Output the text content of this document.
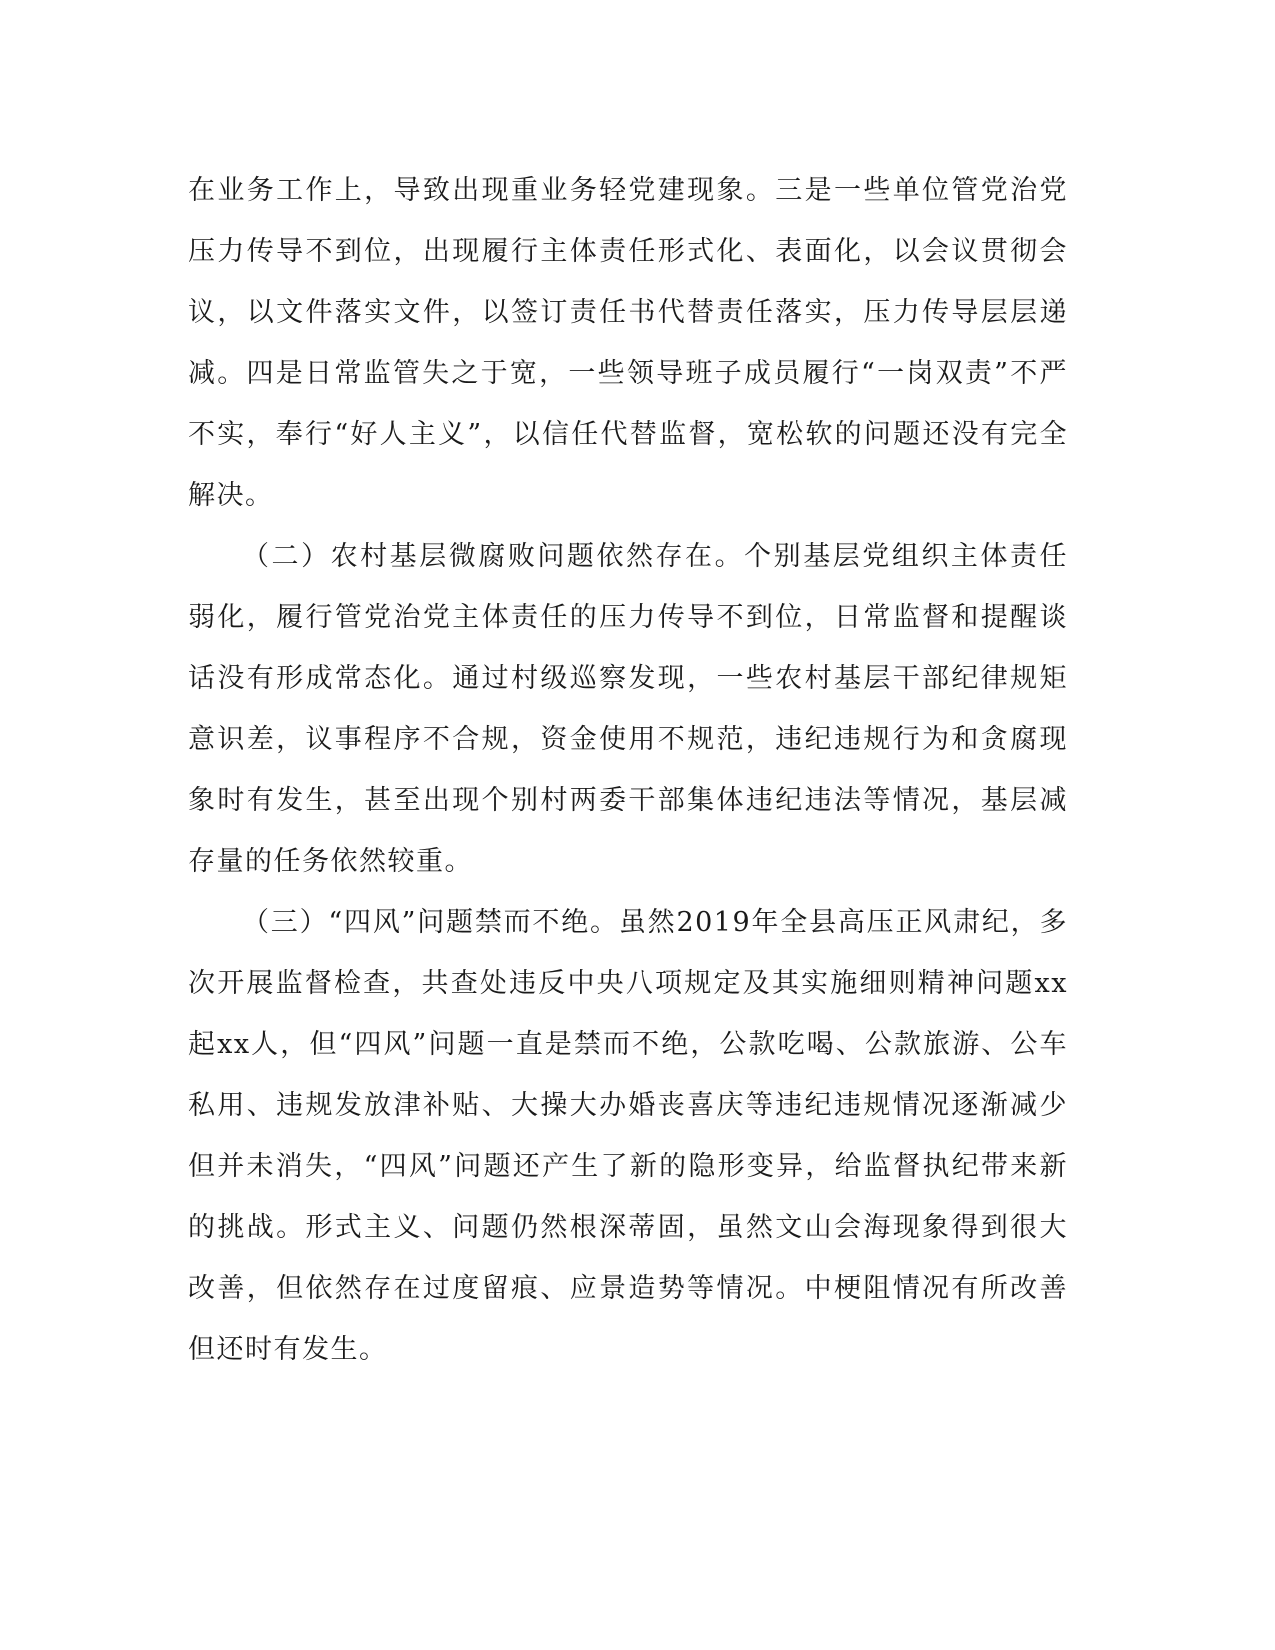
在业务工作上，导致出现重业务轻党建现象。三是一些单位管党治党压力传导不到位，出现履行主体责任形式化、表面化，以会议贯彻会议，以文件落实文件，以签订责任书代替责任落实，压力传导层层递减。四是日常监管失之于宽，一些领导班子成员履行“一岗双责”不严不实，奉行“好人主义”，以信任代替监督，宽松软的问题还没有完全解决。

（二）农村基层微腐败问题依然存在。个别基层党组织主体责任弱化，履行管党治党主体责任的压力传导不到位，日常监督和提醒谈话没有形成常态化。通过村级巡察发现，一些农村基层干部纪律规矩意识差，议事程序不合规，资金使用不规范，违纪违规行为和贪腐现象时有发生，甚至出现个别村两委干部集体违纪违法等情况，基层减存量的任务依然较重。

（三）“四风”问题禁而不绝。虽然2019年全县高压正风肃纪，多次开展监督检查，共查处违反中央八项规定及其实施细则精神问题xx起xx人，但“四风”问题一直是禁而不绝，公款吃喝、公款旅游、公车私用、违规发放津补贴、大操大办婚丧喜庆等违纪违规情况逐渐减少但并未消失，“四风”问题还产生了新的隐形变异，给监督执纪带来新的挑战。形式主义、问题仍然根深蒂固，虽然文山会海现象得到很大改善，但依然存在过度留痕、应景造势等情况。中梗阻情况有所改善但还时有发生。
